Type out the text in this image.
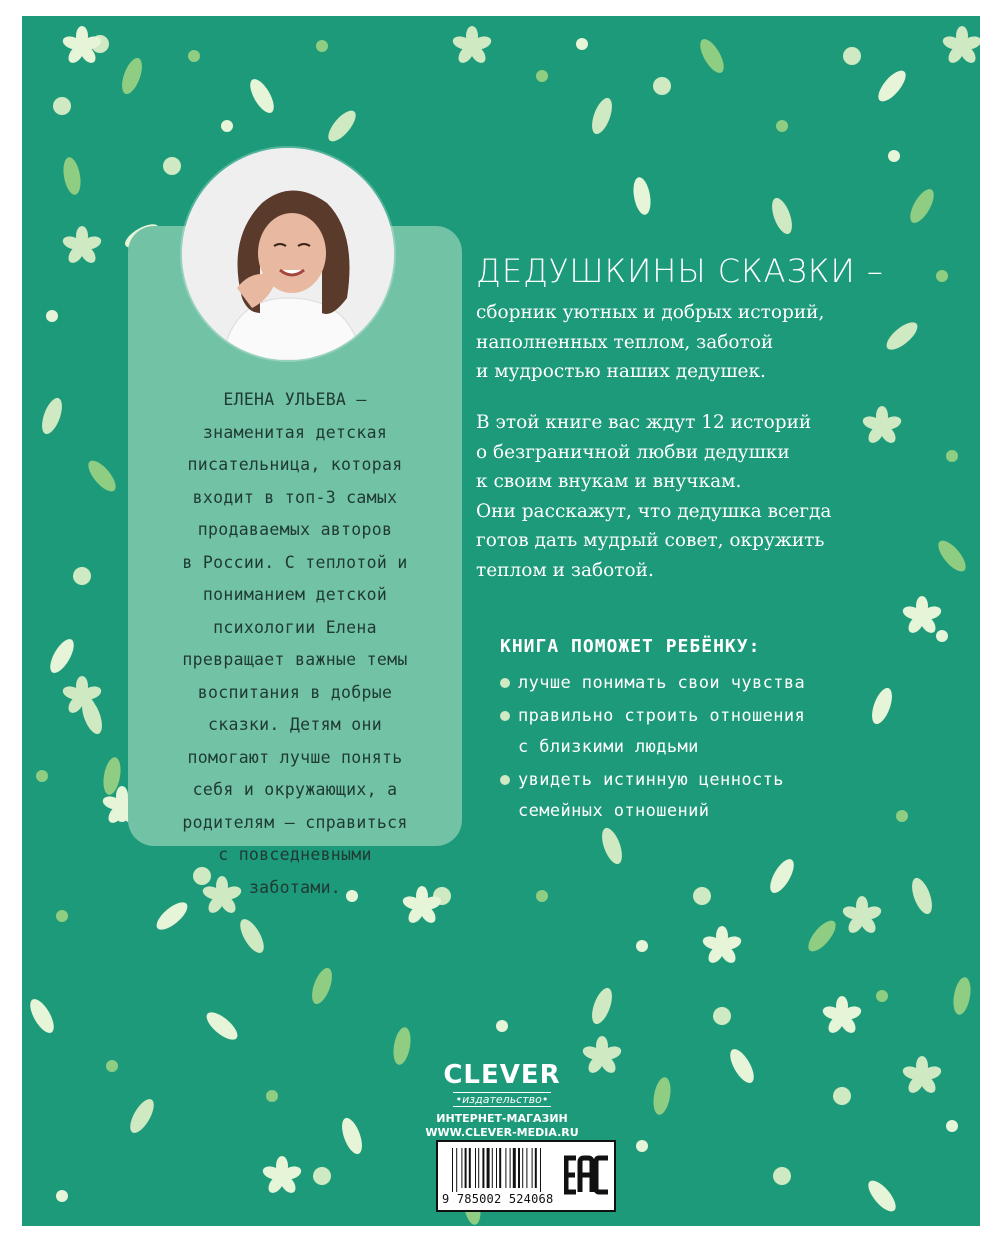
ЕЛЕНА УЛЬЕВА —
знаменитая детская
писательница, которая
входит в топ-3 самых
продаваемых авторов
в России. С теплотой и
пониманием детской
психологии Елена
превращает важные темы
воспитания в добрые
сказки. Детям они
помогают лучше понять
себя и окружающих, а
родителям — справиться
с повседневными
заботами.
ДЕДУШКИНЫ СКАЗКИ –
сборник уютных и добрых историй,
наполненных теплом, заботой
и мудростью наших дедушек.
В этой книге вас ждут 12 историй
о безграничной любви дедушки
к своим внукам и внучкам.
Они расскажут, что дедушка всегда
готов дать мудрый совет, окружить
теплом и заботой.
КНИГА ПОМОЖЕТ РЕБЁНКУ:
лучше понимать свои чувства
правильно строить отношения
с близкими людьми
увидеть истинную ценность
семейных отношений
CLEVER
•издательство•
ИНТЕРНЕТ-МАГАЗИН
WWW.CLEVER-MEDIA.RU
9 785002 524068
